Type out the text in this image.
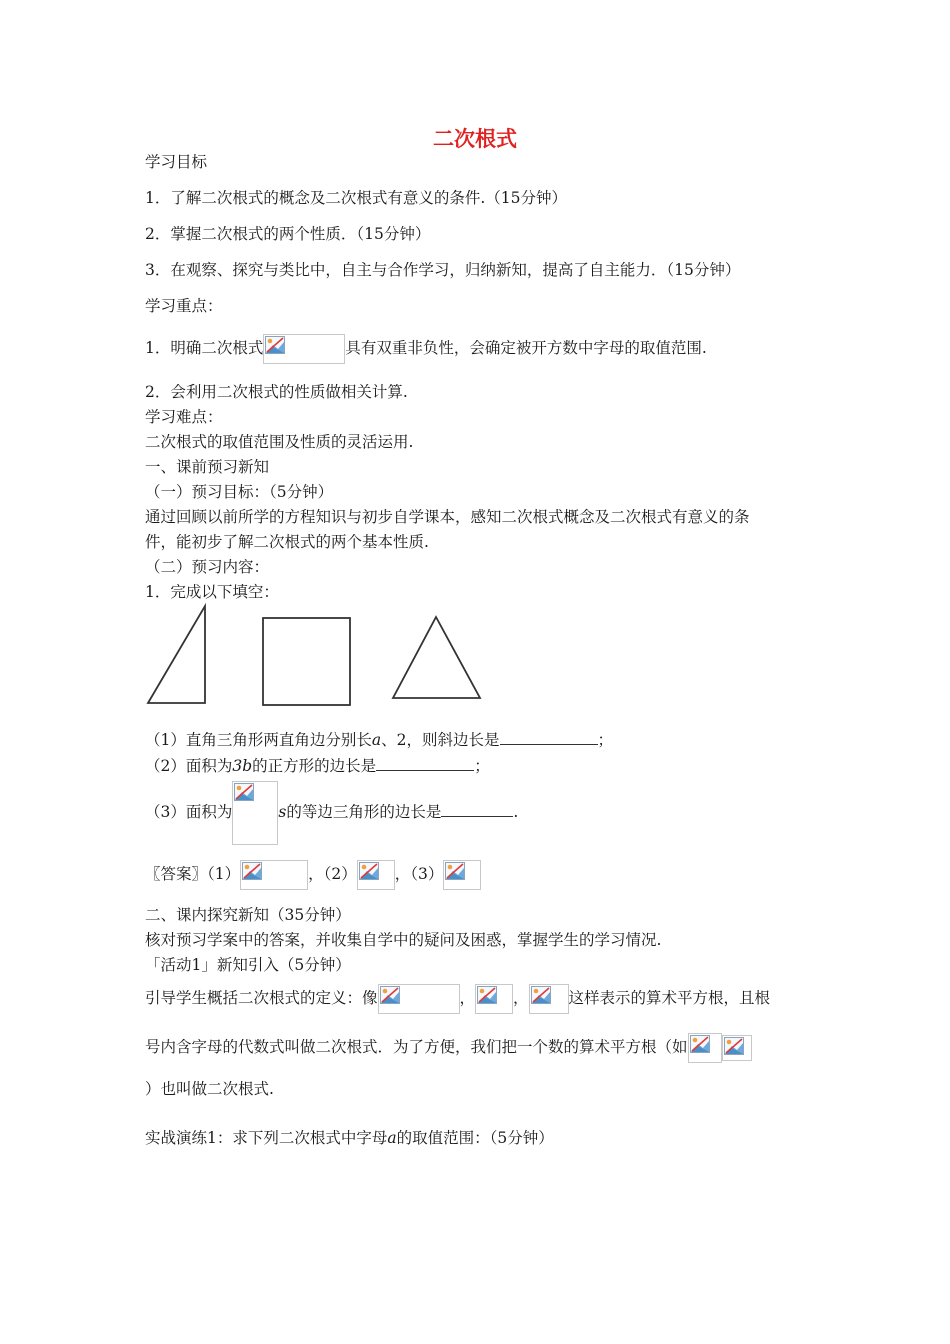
二次根式
学习目标
1．了解二次根式的概念及二次根式有意义的条件.（15分钟）
2．掌握二次根式的两个性质．（15分钟）
3．在观察、探究与类比中，自主与合作学习，归纳新知，提高了自主能力．（15分钟）
学习重点：
1．明确二次根式	具有双重非负性，会确定被开方数中字母的取值范围.
2．会利用二次根式的性质做相关计算.
学习难点：
二次根式的取值范围及性质的灵活运用.
一、课前预习新知
（一）预习目标：（5分钟）
通过回顾以前所学的方程知识与初步自学课本，感知二次根式概念及二次根式有意义的条
件，能初步了解二次根式的两个基本性质.
（二）预习内容：
1．完成以下填空：
（1）直角三角形两直角边分别长a、2，则斜边长是	；
（2）面积为3b的正方形的边长是	；
（3）面积为	s的等边三角形的边长是	.
〖答案〗（1）	，（2） ，（3）
二、课内探究新知（35分钟）
核对预习学案中的答案，并收集自学中的疑问及困惑，掌握学生的学习情况.
「活动1」新知引入（5分钟）
引导学生概括二次根式的定义：像	， ，	这样表示的算术平方根，且根
号内含字母的代数式叫做二次根式．为了方便，我们把一个数的算术平方根（如
）也叫做二次根式.
实战演练1：求下列二次根式中字母a的取值范围：（5分钟）
